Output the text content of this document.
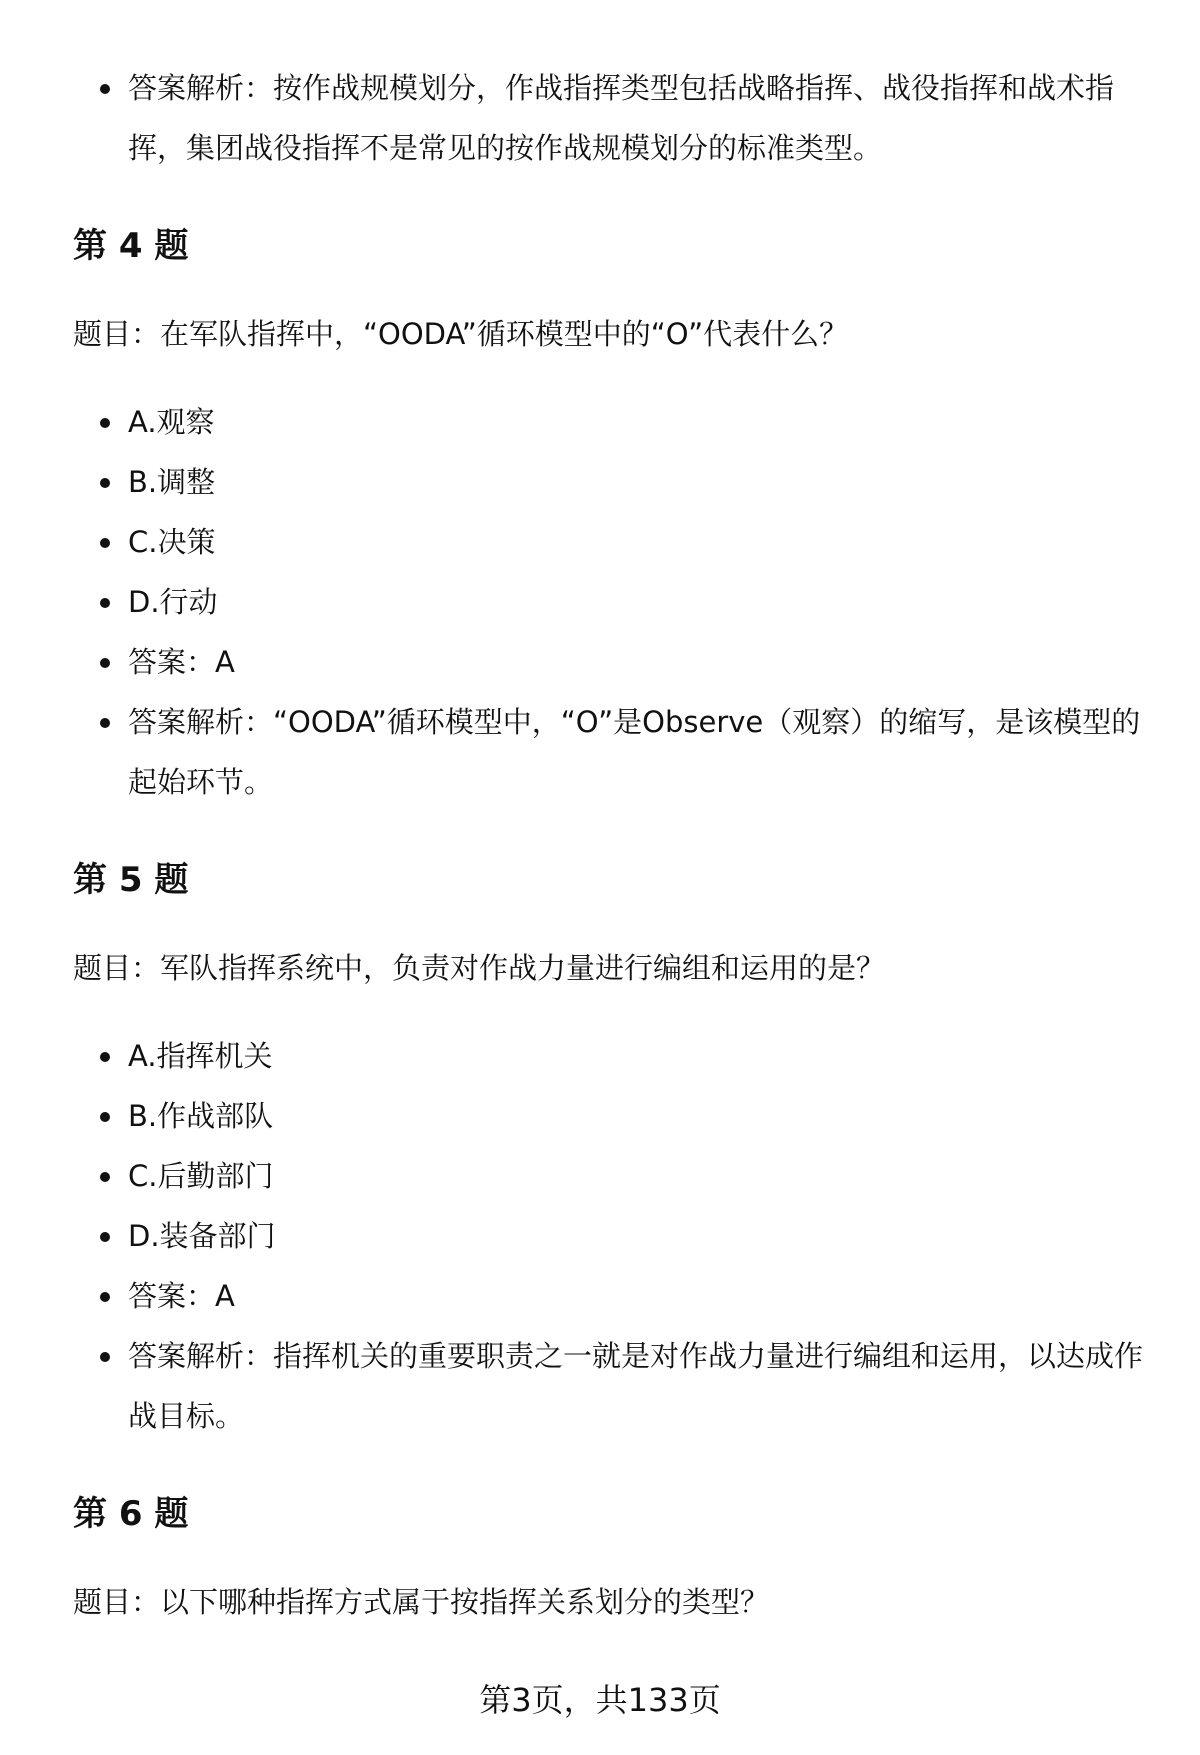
答案解析：按作战规模划分，作战指挥类型包括战略指挥、战役指挥和战术指挥，集团战役指挥不是常见的按作战规模划分的标准类型。
第 4 题

题目：在军队指挥中，“OODA”循环模型中的“O”代表什么？

A.观察
B.调整
C.决策
D.行动
答案：A
答案解析：“OODA”循环模型中，“O”是Observe（观察）的缩写，是该模型的起始环节。
第 5 题

题目：军队指挥系统中，负责对作战力量进行编组和运用的是？

A.指挥机关
B.作战部队
C.后勤部门
D.装备部门
答案：A
答案解析：指挥机关的重要职责之一就是对作战力量进行编组和运用，以达成作战目标。
第 6 题

题目：以下哪种指挥方式属于按指挥关系划分的类型？

第3页，共133页
